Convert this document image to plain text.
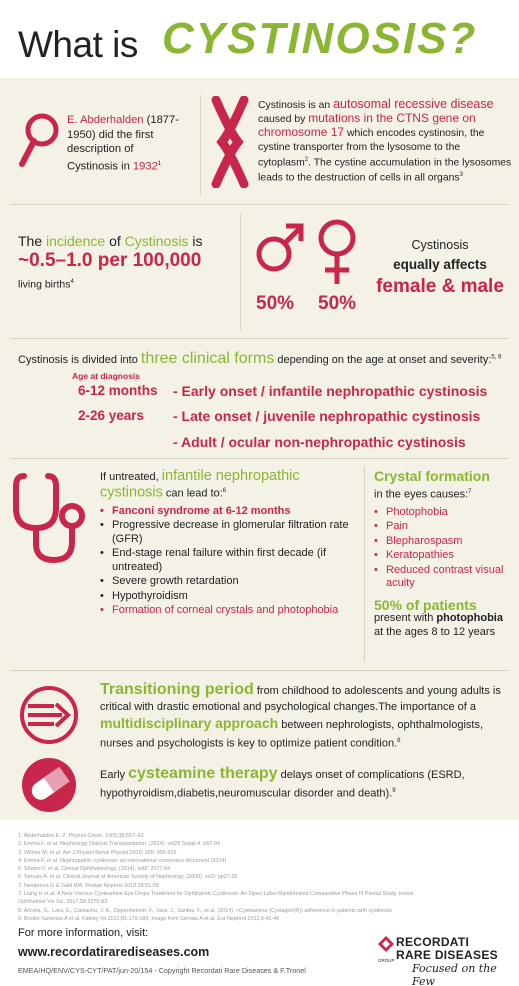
What is CYSTINOSIS?
E. Abderhalden (1877-1950) did the first description of Cystinosis in 1932$^1$
Cystinosis is an autosomal recessive disease caused by mutations in the CTNS gene on chromosome 17 which encodes cystinosin, the cystine transporter from the lysosome to the cytoplasm$^2$. The cystine accumulation in the lysosomes leads to the destruction of cells in all organs$^3$
The incidence of Cystinosis is
~0.5–1.0 per 100,000
living births$^4$
50% 50%
Cystinosis
equally affects
female & male
Cystinosis is divided into three clinical forms depending on the age at onset and severity:$^{5, 6}$
Age at diagnosis
6-12 months - Early onset / infantile nephropathic cystinosis
2-26 years - Late onset / juvenile nephropathic cystinosis
- Adult / ocular non-nephropathic cystinosis
If untreated, infantile nephropathic cystinosis can lead to:$^6$
• Fanconi syndrome at 6-12 months
• Progressive decrease in glomerular filtration rate (GFR)
• End-stage renal failure within first decade (if untreated)
• Severe growth retardation
• Hypothyroidism
• Formation of corneal crystals and photophobia
Crystal formation
in the eyes causes:$^7$
• Photophobia
• Pain
• Blepharospasm
• Keratopathies
• Reduced contrast visual acuity
50% of patients
present with photophobia
at the ages 8 to 12 years
Transitioning period from childhood to adolescents and young adults is critical with drastic emotional and psychological changes.The importance of a multidisciplinary approach between nephrologists, ophthalmologists, nurses and psychologists is key to optimize patient condition.$^8$
Early cysteamine therapy delays onset of complications (ESRD, hypothyroidism,diabetis,neuromuscular disorder and death).$^9$
1. Abderhalden E. Z. Physiol Chem. 1903;38:557–61
2. Emma F, et al. Nephrology Dialysis Transplantation. (2014). vol29 Suppl 4: p87-94
3. Wilmer M, et al. Am J Physiol Renal Physiol 2010; 299: 905-916
4. Emma F, et al. Nephropathic cystinosis: an international consensus document (2014)
5. Shams F, et al. Clinical Ophthalmology. (2014). vol8: 2077-84
6. Servais A, et al. Clinical Journal of American Society of Nephrology. (2008). vol3: pp27-35
7. Nesterova G & Gahl WA. Pediatr Nephrol 2013;28:51-59
7. Liang H et al. A New Viscous Cysteamine Eye Drops Treatment for Ophthalmic Cystinosis: An Open-Label Randomized Comparative Phase III Pivotal Study. Invest Ophthalmol Vis Sci. 2017;58:2275-83
8. Ariceta, G., Lara, E., Camacho, J. A., Oppenheimer, F., Vara, J., Santos, F., et al. (2014). «Cysteamine (Cystagon(R)) adherence in patients with cystinosis
9. Brodin-Sartorius A et al. Kidney Int 2012;81:179-189; Image from Servais A et al. Eur Nephrol 2012;6:42-46
For more information, visit:
www.recordatirarediseases.com
EMEA/HQ/ENV/CYS-CYT/PAT/jun-20/154 - Copyright Recordati Rare Diseases & F.Tronel
RECORDATI
RARE DISEASES
GROUP
Focused on the Few
